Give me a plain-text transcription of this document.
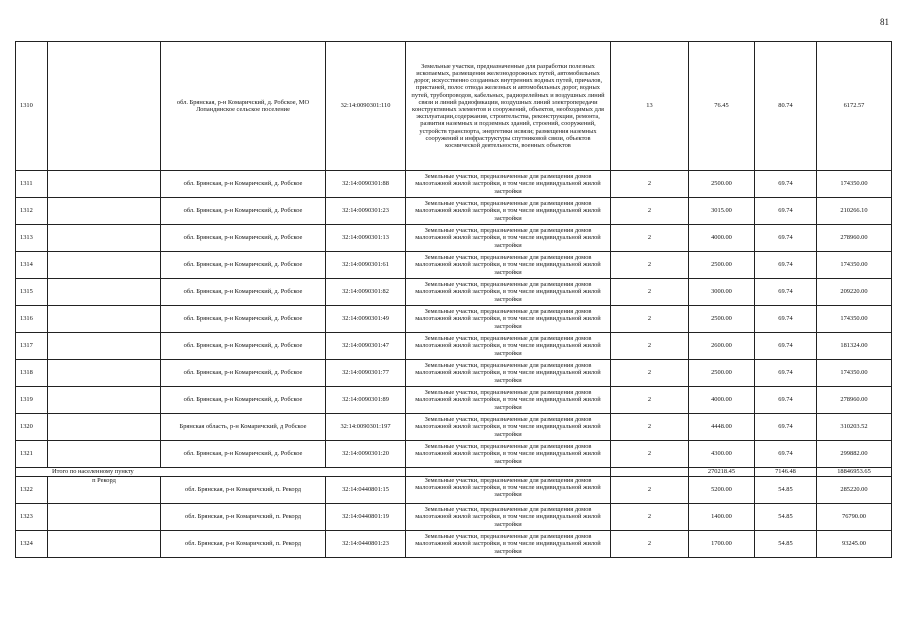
81
1310		обл. Брянская, р-н Комаричский, д. Робское, МО Лопандинское сельское поселение	32:14:0090301:110	Земельные участки, предназначенные для разработки полезных ископаемых, размещения железнодорожных путей, автомобильных дорог, искусственно созданных внутренних водных путей, причалов, пристаней, полос отвода железных и автомобильных дорог, водных путей, трубопроводов, кабельных, радиорелейных и воздушных линий связи и линий радиофикации, воздушных линий электропередачи конструктивных элементов и сооружений, объектов, необходимых для эксплуатации,содержания, строительства, реконструкции, ремонта, развития наземных и подземных зданий, строений, сооружений, устройств транспорта, энергетики исвязи; размещения наземных сооружений и инфраструктуры спутниковой связи, объектов космической деятельности, военных объектов	13	76.45	80.74	6172.57
1311		обл. Брянская, р-н Комаричский, д. Робское	32:14:0090301:88	Земельные участки, предназначенные для размещения домов малоэтажной жилой застройки, в том числе индивидуальной жилой застройки	2	2500.00	69.74	174350.00
1312		обл. Брянская, р-н Комаричский, д. Робское	32:14:0090301:23	Земельные участки, предназначенные для размещения домов малоэтажной жилой застройки, в том числе индивидуальной жилой застройки	2	3015.00	69.74	210266.10
1313		обл. Брянская, р-н Комаричский, д. Робское	32:14:0090301:13	Земельные участки, предназначенные для размещения домов малоэтажной жилой застройки, в том числе индивидуальной жилой застройки	2	4000.00	69.74	278960.00
1314		обл. Брянская, р-н Комаричский, д. Робское	32:14:0090301:61	Земельные участки, предназначенные для размещения домов малоэтажной жилой застройки, в том числе индивидуальной жилой застройки	2	2500.00	69.74	174350.00
1315		обл. Брянская, р-н Комаричский, д. Робское	32:14:0090301:82	Земельные участки, предназначенные для размещения домов малоэтажной жилой застройки, в том числе индивидуальной жилой застройки	2	3000.00	69.74	209220.00
1316		обл. Брянская, р-н Комаричский, д. Робское	32:14:0090301:49	Земельные участки, предназначенные для размещения домов малоэтажной жилой застройки, в том числе индивидуальной жилой застройки	2	2500.00	69.74	174350.00
1317		обл. Брянская, р-н Комаричский, д. Робское	32:14:0090301:47	Земельные участки, предназначенные для размещения домов малоэтажной жилой застройки, в том числе индивидуальной жилой застройки	2	2600.00	69.74	181324.00
1318		обл. Брянская, р-н Комаричский, д. Робское	32:14:0090301:77	Земельные участки, предназначенные для размещения домов малоэтажной жилой застройки, в том числе индивидуальной жилой застройки	2	2500.00	69.74	174350.00
1319		обл. Брянская, р-н Комаричский, д. Робское	32:14:0090301:89	Земельные участки, предназначенные для размещения домов малоэтажной жилой застройки, в том числе индивидуальной жилой застройки	2	4000.00	69.74	278960.00
1320		Брянская область, р-н Комаричский, д Робское	32:14:0090301:197	Земельные участки, предназначенные для размещения домов малоэтажной жилой застройки, в том числе индивидуальной жилой застройки	2	4448.00	69.74	310203.52
1321		обл. Брянская, р-н Комаричский, д. Робское	32:14:0090301:20	Земельные участки, предназначенные для размещения домов малоэтажной жилой застройки, в том числе индивидуальной жилой застройки	2	4300.00	69.74	299882.00
Итого по населенному пункту						270218.45	7146.48	18846953.65
1322	п Рекорд	обл. Брянская, р-н Комаричский, п. Рекорд	32:14:0440801:15	Земельные участки, предназначенные для размещения домов малоэтажной жилой застройки, в том числе индивидуальной жилой застройки	2	5200.00	54.85	285220.00
1323		обл. Брянская, р-н Комаричский, п. Рекорд	32:14:0440801:19	Земельные участки, предназначенные для размещения домов малоэтажной жилой застройки, в том числе индивидуальной жилой застройки	2	1400.00	54.85	76790.00
1324		обл. Брянская, р-н Комаричский, п. Рекорд	32:14:0440801:23	Земельные участки, предназначенные для размещения домов малоэтажной жилой застройки, в том числе индивидуальной жилой застройки	2	1700.00	54.85	93245.00
